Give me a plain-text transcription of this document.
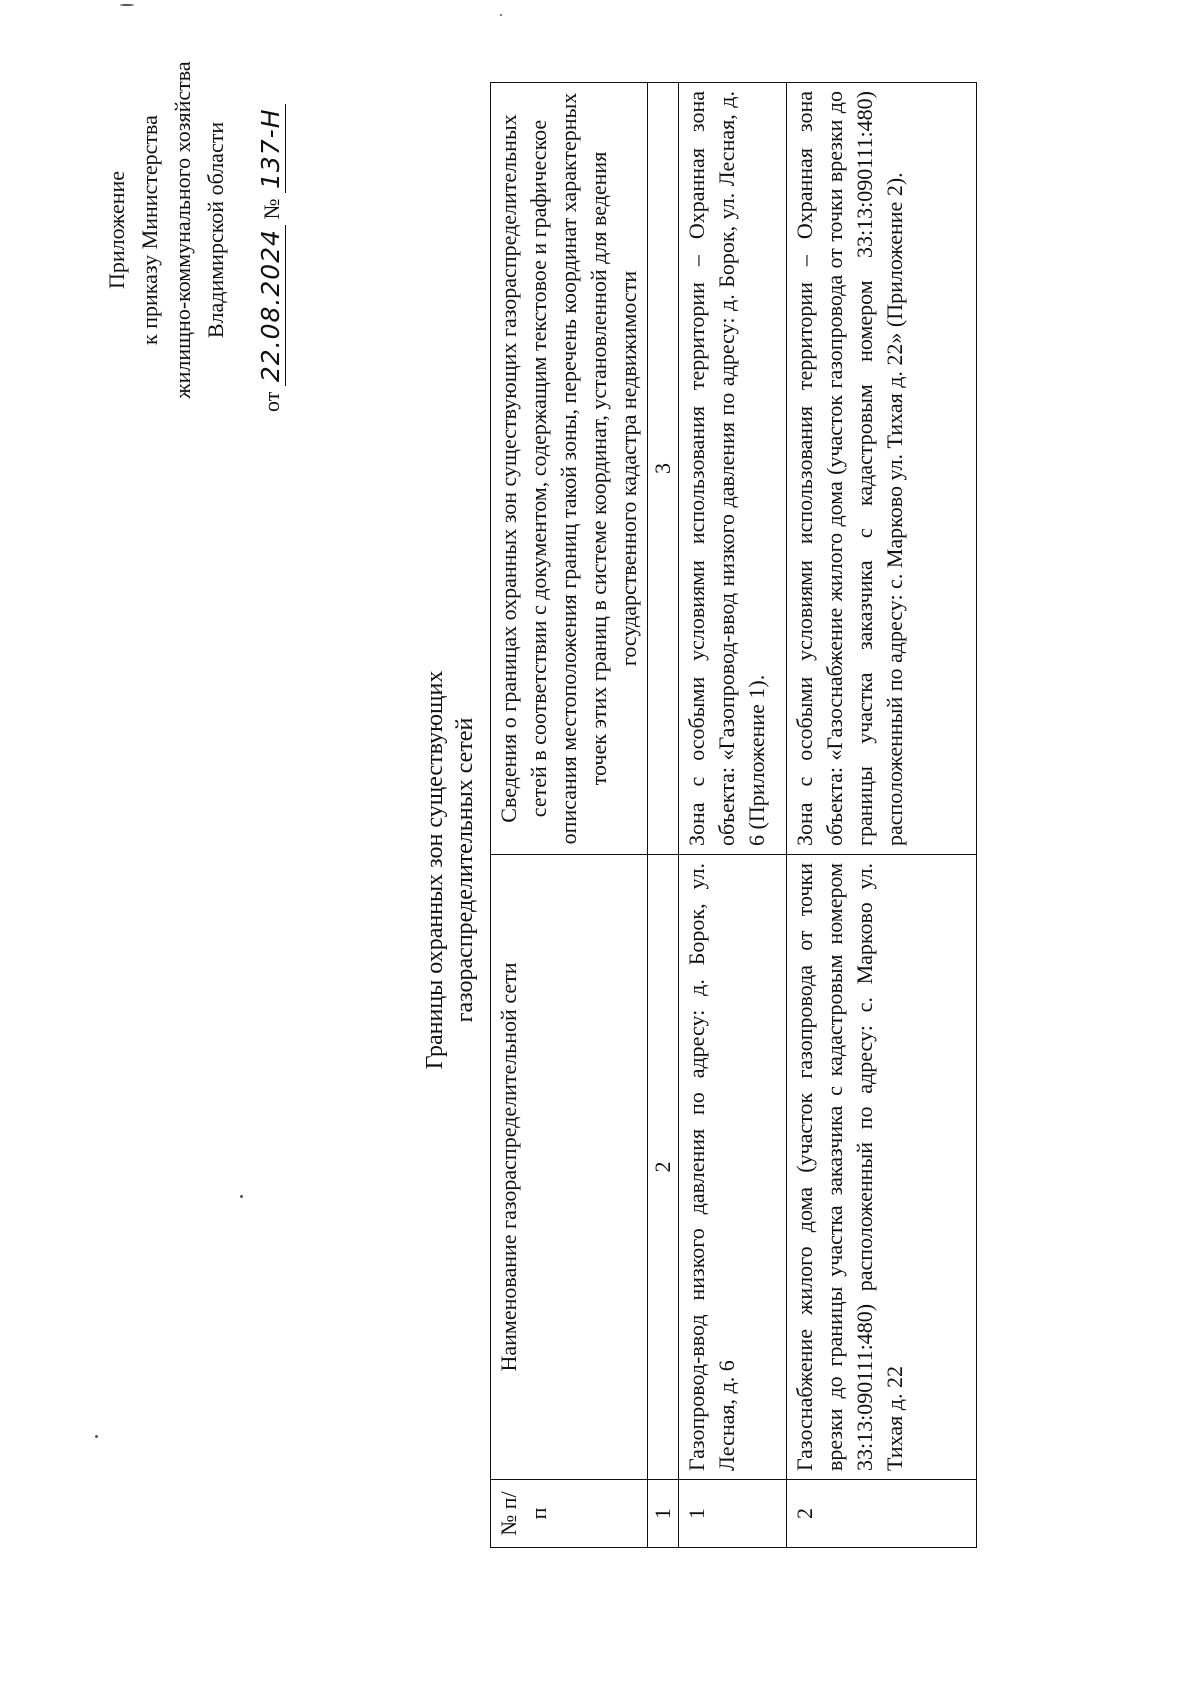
Приложение к приказу Министерства жилищно-коммунального хозяйства Владимирской области
от 22.08.2024 № 137-Н
Границы охранных зон существующих газораспределительных сетей
№ п/п	Наименование газораспределительной сети	Сведения о границах охранных зон существующих газораспределительных сетей в соответствии с документом, содержащим текстовое и графическое описания местоположения границ такой зоны, перечень координат характерных точек этих границ в системе координат, установленной для ведения государственного кадастра недвижимости
1	2	3
1	Газопровод-ввод низкого давления по адресу: д. Борок, ул. Лесная, д. 6	Зона с особыми условиями использования территории – Охранная зона объекта: «Газопровод-ввод низкого давления по адресу: д. Борок, ул. Лесная, д. 6 (Приложение 1).
2	Газоснабжение жилого дома (участок газопровода от точки врезки до границы участка заказчика с кадастровым номером 33:13:090111:480) расположенный по адресу: с. Марково ул. Тихая д. 22	Зона с особыми условиями использования территории – Охранная зона объекта: «Газоснабжение жилого дома (участок газопровода от точки врезки до границы участка заказчика с кадастровым номером 33:13:090111:480) расположенный по адресу: с. Марково ул. Тихая д. 22» (Приложение 2).
